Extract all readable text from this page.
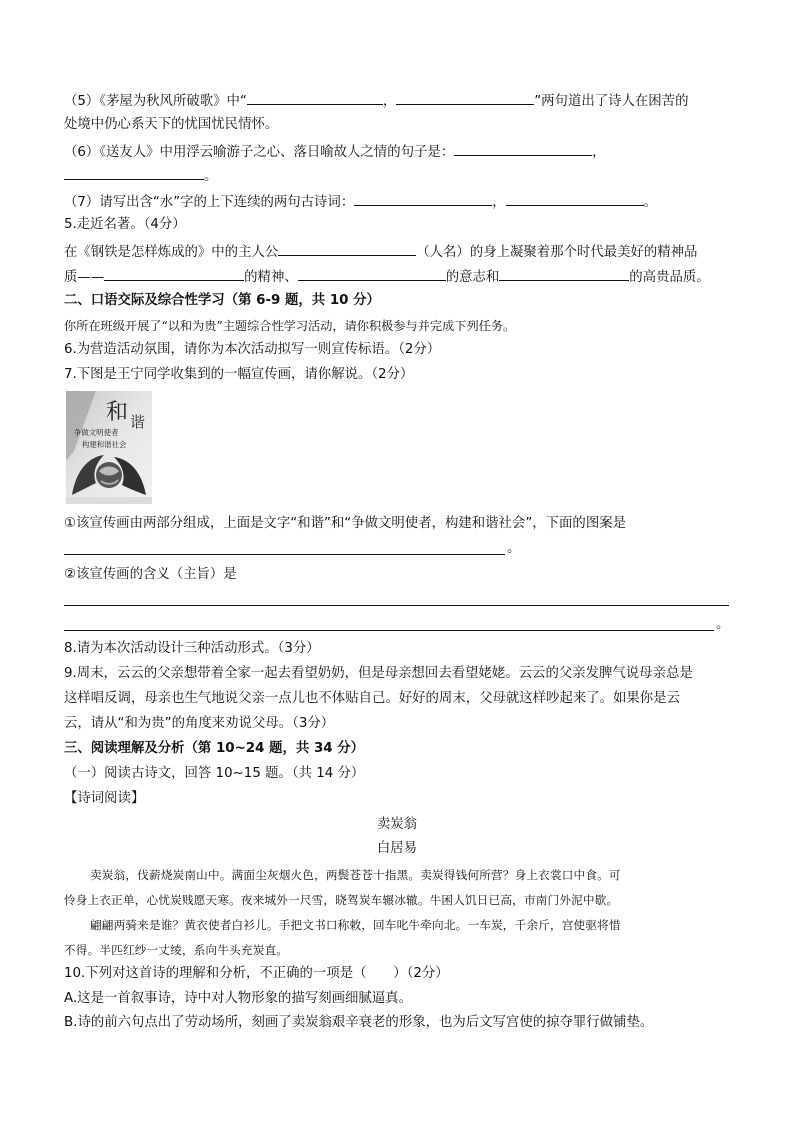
（5）《茅屋为秋风所破歌》中“	，	”两句道出了诗人在困苦的
处境中仍心系天下的忧国忧民情怀。
（6）《送友人》中用浮云喻游子之心、落日喻故人之情的句子是：	，
。
（7）请写出含“水”字的上下连续的两句古诗词：	，	。
5.走近名著。（4分）
在《钢铁是怎样炼成的》中的主人公	（人名）的身上凝聚着那个时代最美好的精神品
质——	的精神、	的意志和	的高贵品质。
二、口语交际及综合性学习（第 6-9 题，共 10 分）
你所在班级开展了“以和为贵”主题综合性学习活动，请你积极参与并完成下列任务。
6.为营造活动氛围，请你为本次活动拟写一则宣传标语。（2分）
7.下图是王宁同学收集到的一幅宣传画，请你解说。（2分）
和 谐
争做文明使者
构建和谐社会
①该宣传画由两部分组成，上面是文字“和谐”和“争做文明使者，构建和谐社会”，下面的图案是
。
②该宣传画的含义（主旨）是
。
8.请为本次活动设计三种活动形式。（3分）
9.周末，云云的父亲想带着全家一起去看望奶奶，但是母亲想回去看望姥姥。云云的父亲发脾气说母亲总是
这样唱反调，母亲也生气地说父亲一点儿也不体贴自己。好好的周末，父母就这样吵起来了。如果你是云
云，请从“和为贵”的角度来劝说父母。（3分）
三、阅读理解及分析（第 10~24 题，共 34 分）
（一）阅读古诗文，回答 10~15 题。（共 14 分）
【诗词阅读】
卖炭翁
白居易
卖炭翁，伐薪烧炭南山中。满面尘灰烟火色，两鬓苍苍十指黑。卖炭得钱何所营？身上衣裳口中食。可
怜身上衣正单，心忧炭贱愿天寒。夜来城外一尺雪，晓驾炭车辗冰辙。牛困人饥日已高，市南门外泥中歇。
翩翩两骑来是谁？黄衣使者白衫儿。手把文书口称敕，回车叱牛牵向北。一车炭，千余斤，宫使驱将惜
不得。半匹红纱一丈绫，系向牛头充炭直。
10.下列对这首诗的理解和分析，不正确的一项是（　　）（2分）
A.这是一首叙事诗，诗中对人物形象的描写刻画细腻逼真。
B.诗的前六句点出了劳动场所，刻画了卖炭翁艰辛衰老的形象，也为后文写宫使的掠夺罪行做铺垫。
